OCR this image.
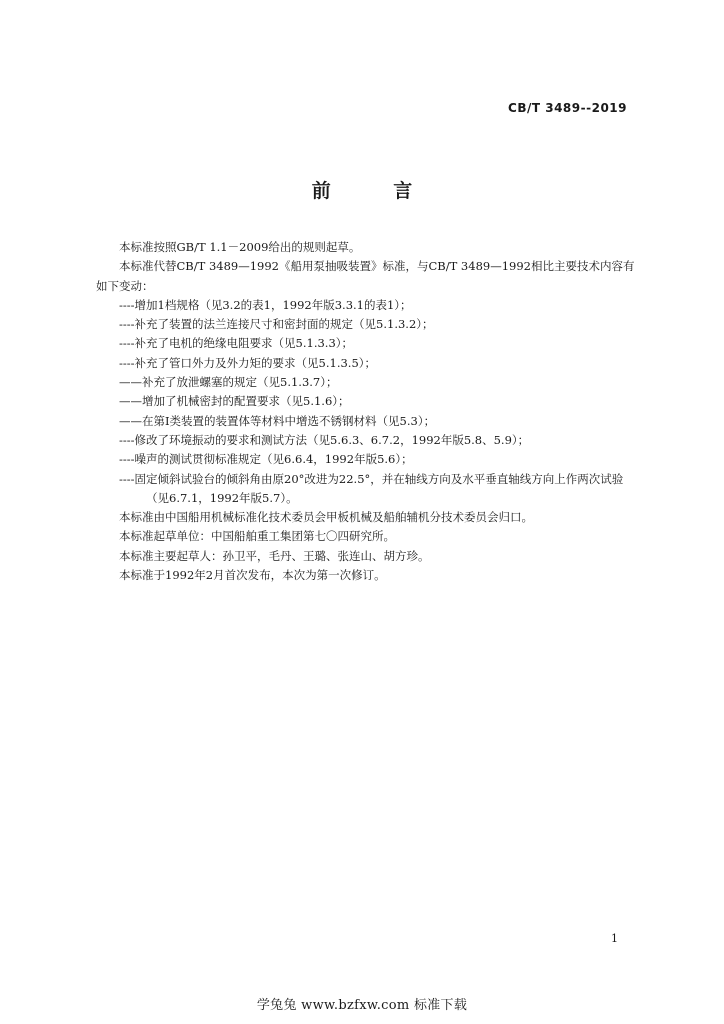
CB/T 3489--2019
前 言

本标准按照GB/T 1.1－2009给出的规则起草。

本标准代替CB/T 3489—1992《船用泵抽吸装置》标准，与CB/T 3489—1992相比主要技术内容有如下变动：

----增加1档规格（见3.2的表1，1992年版3.3.1的表1）；
----补充了装置的法兰连接尺寸和密封面的规定（见5.1.3.2）；
----补充了电机的绝缘电阻要求（见5.1.3.3）；
----补充了管口外力及外力矩的要求（见5.1.3.5）；
——补充了放泄螺塞的规定（见5.1.3.7）；
——增加了机械密封的配置要求（见5.1.6）；
——在第Ⅰ类装置的装置体等材料中增选不锈钢材料（见5.3）；
----修改了环境振动的要求和测试方法（见5.6.3、6.7.2，1992年版5.8、5.9）；
----噪声的测试贯彻标准规定（见6.6.4，1992年版5.6）；
----固定倾斜试验台的倾斜角由原20°改进为22.5°，并在轴线方向及水平垂直轴线方向上作两次试验（见6.7.1，1992年版5.7）。

本标准由中国船用机械标准化技术委员会甲板机械及船舶辅机分技术委员会归口。

本标准起草单位：中国船舶重工集团第七〇四研究所。

本标准主要起草人：孙卫平，毛丹、王璐、张连山、胡方珍。

本标准于1992年2月首次发布，本次为第一次修订。

1
学兔兔 www.bzfxw.com 标准下载
